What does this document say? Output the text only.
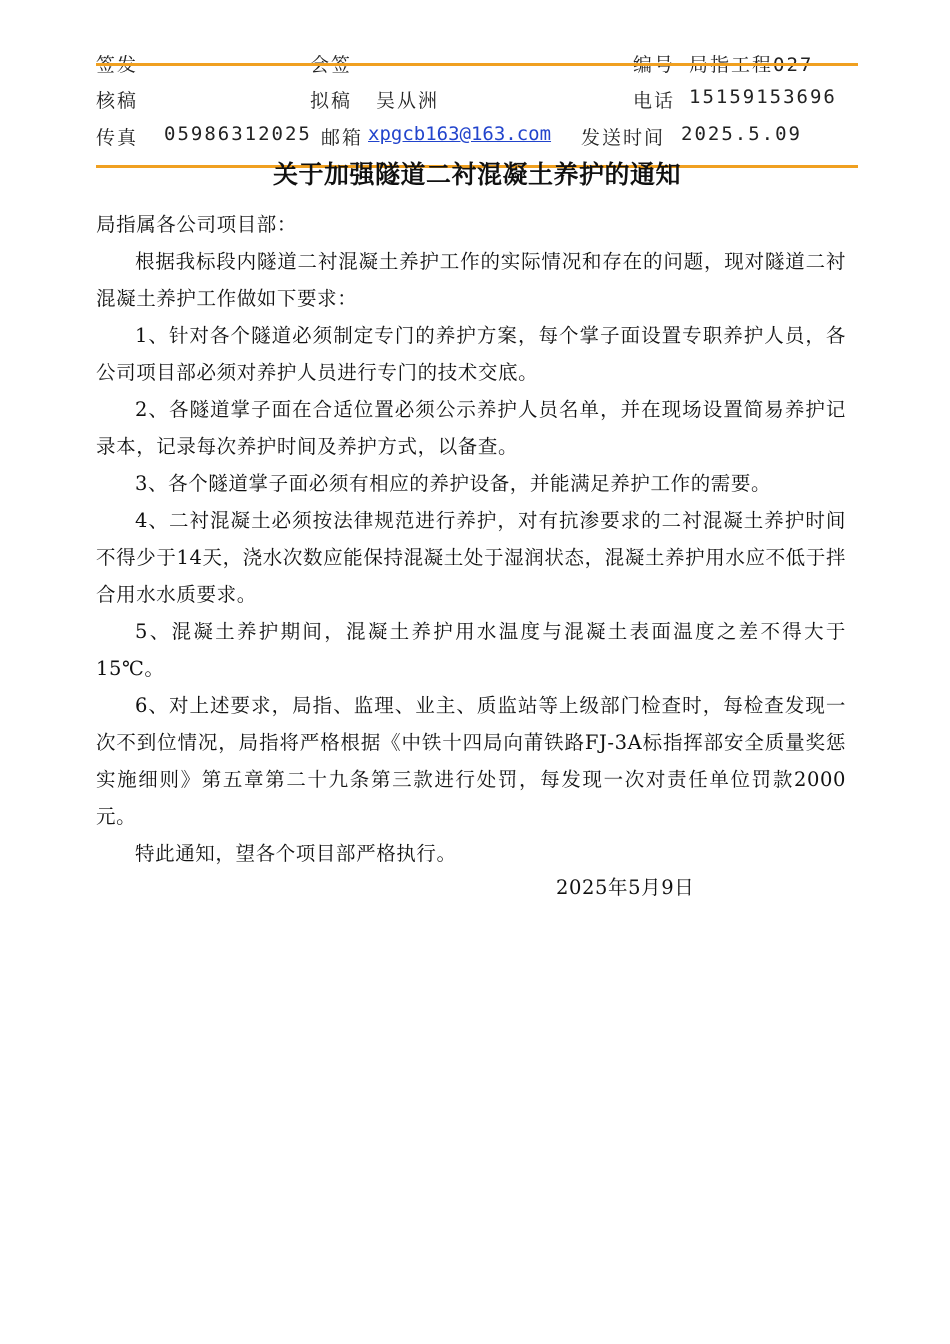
核稿	拟稿 吴从洲	电话 15159153696
传真 05986312025 邮箱 xpgcb163@163.com 发送时间 2025.5.09
关于加强隧道二衬混凝土养护的通知

局指属各公司项目部：

根据我标段内隧道二衬混凝土养护工作的实际情况和存在的问题，现对隧道二衬混凝土养护工作做如下要求：

1、针对各个隧道必须制定专门的养护方案，每个掌子面设置专职养护人员，各公司项目部必须对养护人员进行专门的技术交底。

2、各隧道掌子面在合适位置必须公示养护人员名单，并在现场设置简易养护记录本，记录每次养护时间及养护方式，以备查。

3、各个隧道掌子面必须有相应的养护设备，并能满足养护工作的需要。

4、二衬混凝土必须按法律规范进行养护，对有抗渗要求的二衬混凝土养护时间不得少于14天，浇水次数应能保持混凝土处于湿润状态，混凝土养护用水应不低于拌合用水水质要求。

5、混凝土养护期间，混凝土养护用水温度与混凝土表面温度之差不得大于15℃。

6、对上述要求，局指、监理、业主、质监站等上级部门检查时，每检查发现一次不到位情况，局指将严格根据《中铁十四局向莆铁路FJ-3A标指挥部安全质量奖惩实施细则》第五章第二十九条第三款进行处罚，每发现一次对责任单位罚款2000元。

特此通知，望各个项目部严格执行。

2025年5月9日
